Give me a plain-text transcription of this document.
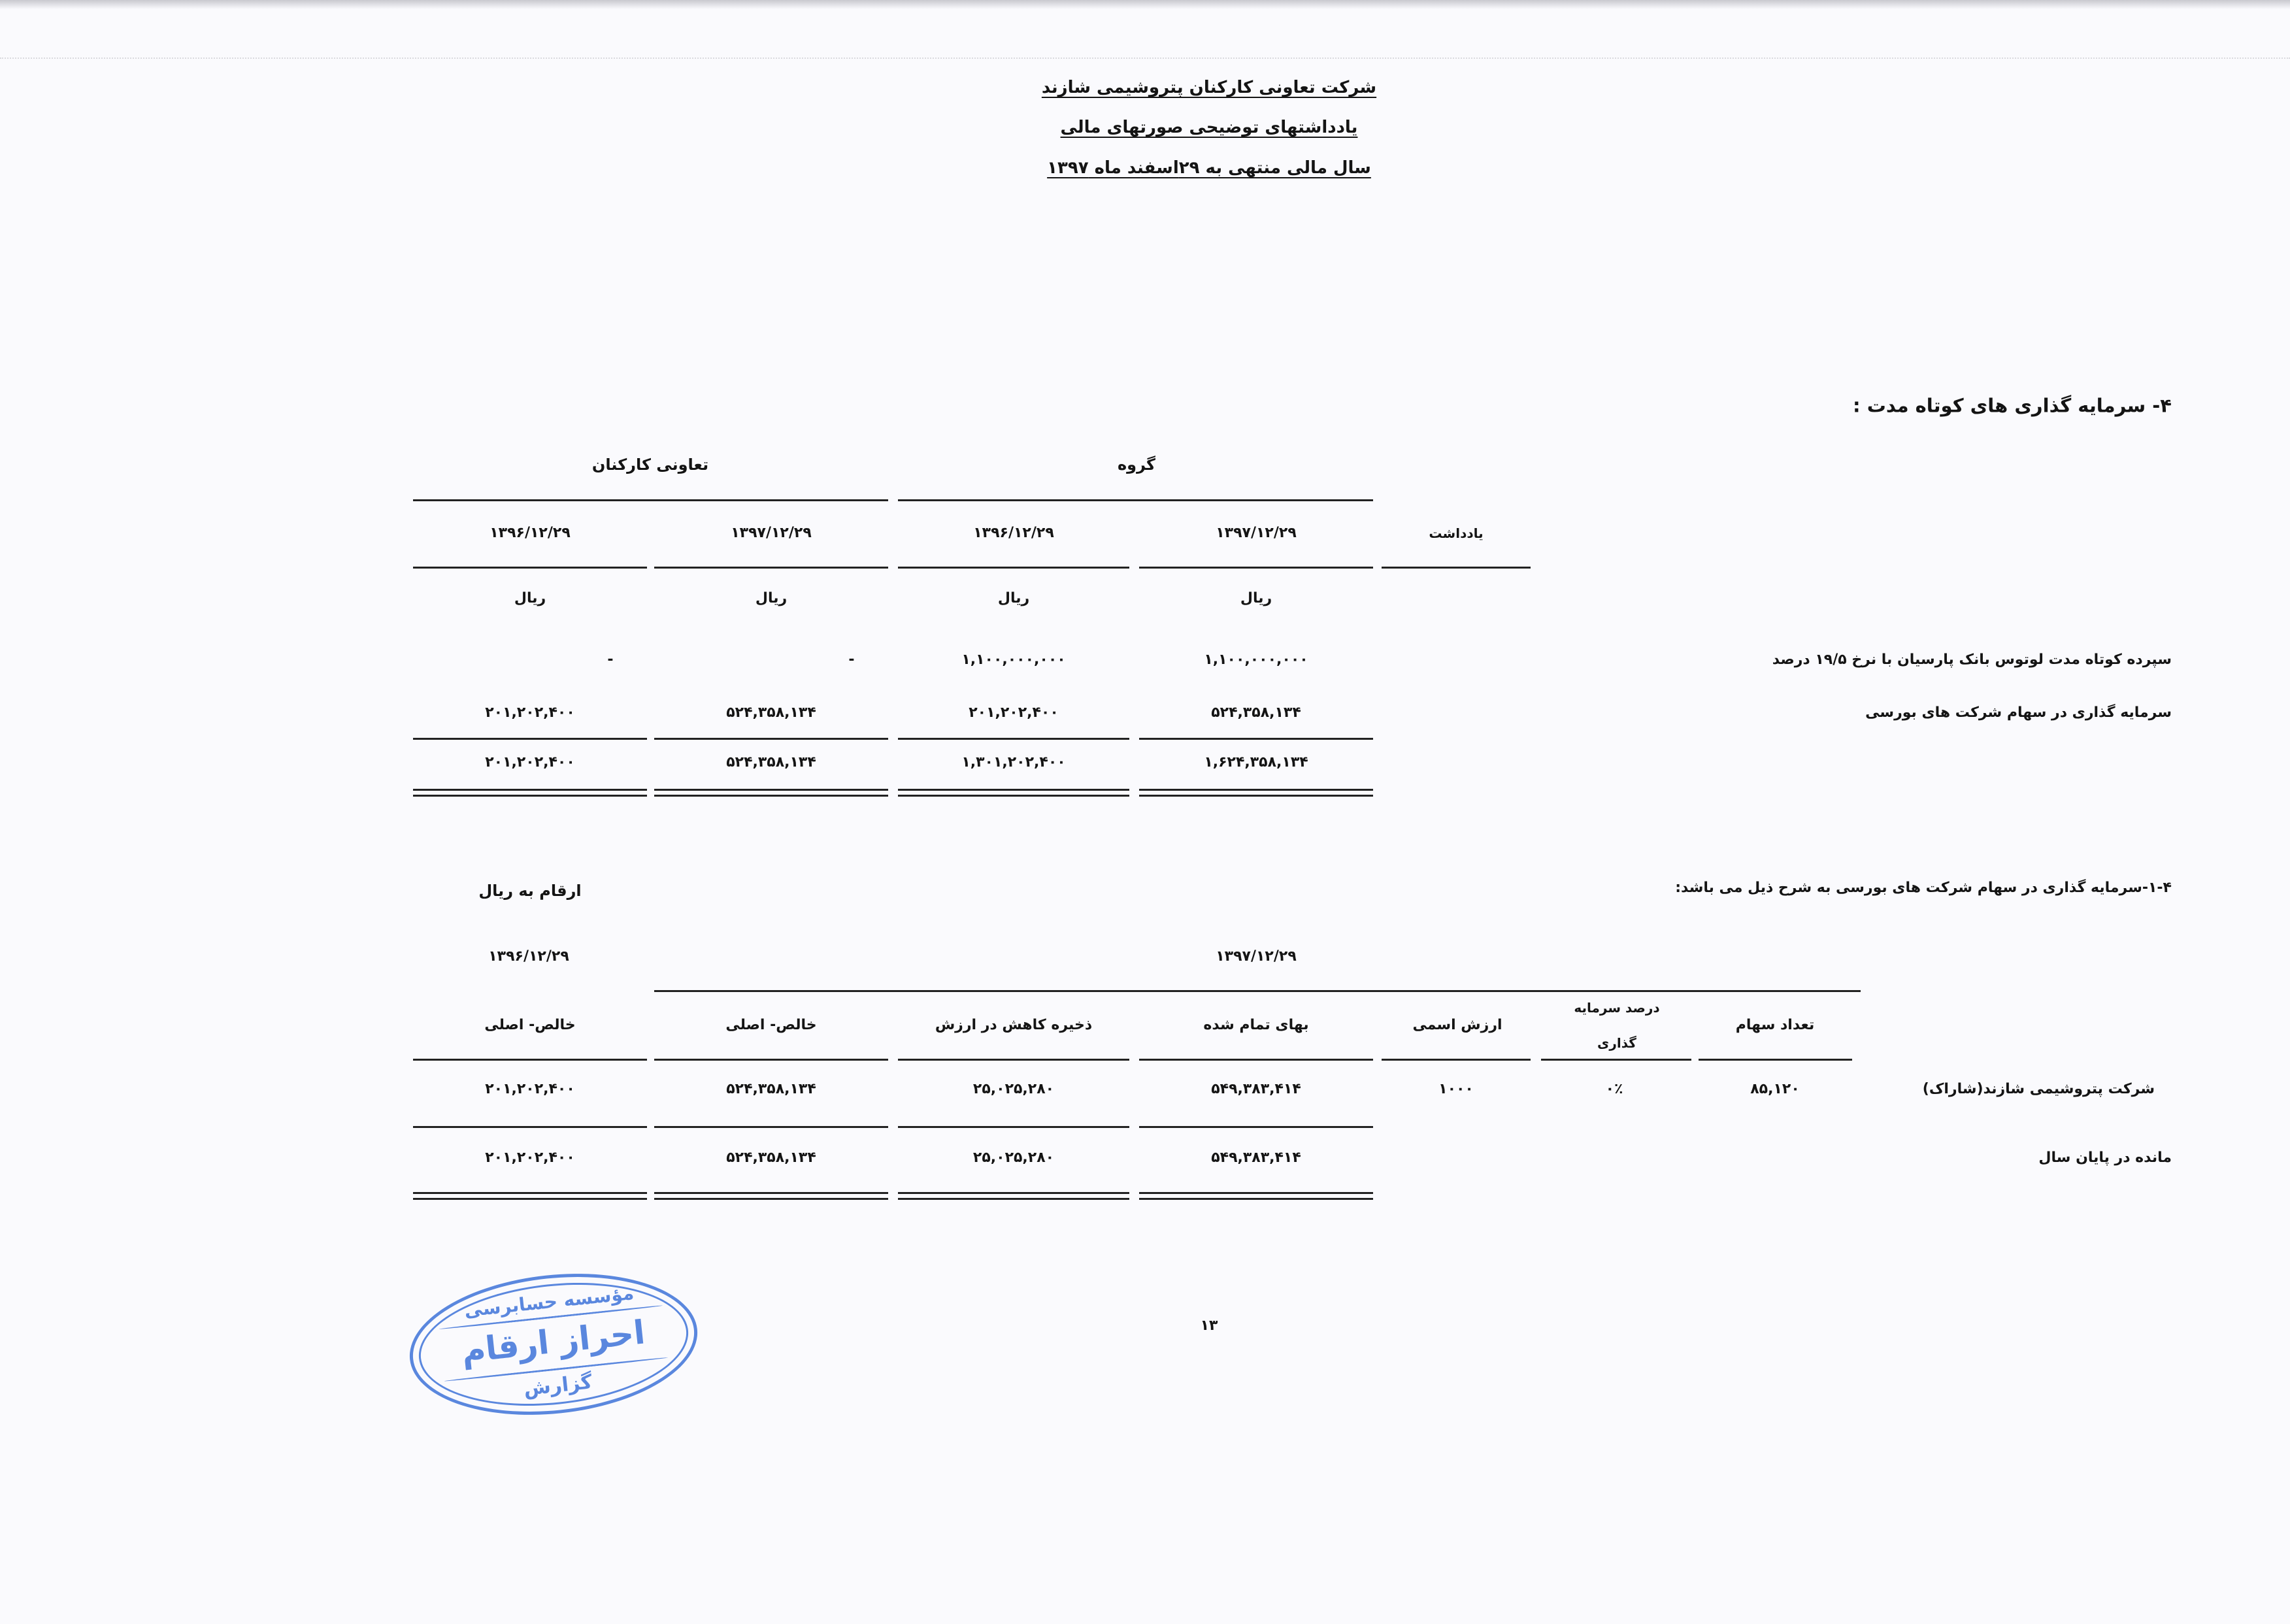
شرکت تعاونی کارکنان پتروشیمی شازند
یادداشتهای توضیحی صورتهای مالی
سال مالی منتهی به ۲۹اسفند ماه ۱۳۹۷
۴- سرمایه گذاری های کوتاه مدت :
گروه
تعاونی کارکنان
یادداشت
۱۳۹۷/۱۲/۲۹
۱۳۹۶/۱۲/۲۹
۱۳۹۷/۱۲/۲۹
۱۳۹۶/۱۲/۲۹
ریال
ریال
ریال
ریال
سپرده کوتاه مدت لوتوس بانک پارسیان با نرخ ۱۹/۵ درصد
۱,۱۰۰,۰۰۰,۰۰۰
۱,۱۰۰,۰۰۰,۰۰۰
-
-
سرمایه گذاری در سهام شرکت های بورسی
۵۲۴,۳۵۸,۱۳۴
۲۰۱,۲۰۲,۴۰۰
۵۲۴,۳۵۸,۱۳۴
۲۰۱,۲۰۲,۴۰۰
۱,۶۲۴,۳۵۸,۱۳۴
۱,۳۰۱,۲۰۲,۴۰۰
۵۲۴,۳۵۸,۱۳۴
۲۰۱,۲۰۲,۴۰۰
۱-۴-سرمایه گذاری در سهام شرکت های بورسی به شرح ذیل می باشد:
ارقام به ریال
۱۳۹۷/۱۲/۲۹
۱۳۹۶/۱۲/۲۹
تعداد سهام
درصد سرمایه
گذاری
ارزش اسمی
بهای تمام شده
ذخیره کاهش در ارزش
خالص- اصلی
خالص- اصلی
شرکت پتروشیمی شازند(شاراک)
۸۵,۱۲۰
۰٪
۱۰۰۰
۵۴۹,۳۸۳,۴۱۴
۲۵,۰۲۵,۲۸۰
۵۲۴,۳۵۸,۱۳۴
۲۰۱,۲۰۲,۴۰۰
مانده در پایان سال
۵۴۹,۳۸۳,۴۱۴
۲۵,۰۲۵,۲۸۰
۵۲۴,۳۵۸,۱۳۴
۲۰۱,۲۰۲,۴۰۰
۱۳
مؤسسه حسابرسی
احراز ارقام
گزارش
